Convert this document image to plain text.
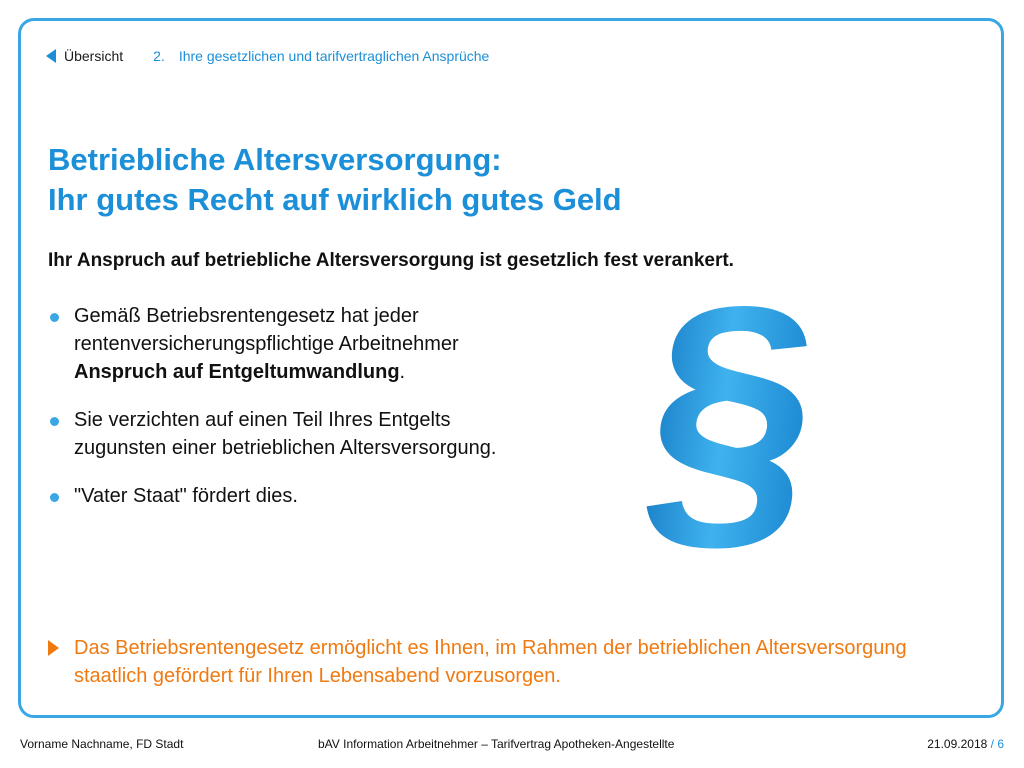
Übersicht 2. Ihre gesetzlichen und tarifvertraglichen Ansprüche
Betriebliche Altersversorgung:
Ihr gutes Recht auf wirklich gutes Geld
Ihr Anspruch auf betriebliche Altersversorgung ist gesetzlich fest verankert.
Gemäß Betriebsrentengesetz hat jeder rentenversicherungspflichtige Arbeitnehmer Anspruch auf Entgeltumwandlung.
Sie verzichten auf einen Teil Ihres Entgelts zugunsten einer betrieblichen Altersversorgung.
"Vater Staat" fördert dies.	§
Das Betriebsrentengesetz ermöglicht es Ihnen, im Rahmen der betrieblichen Altersversorgung staatlich gefördert für Ihren Lebensabend vorzusorgen.
Vorname Nachname, FD Stadt	bAV Information Arbeitnehmer – Tarifvertrag Apotheken-Angestellte	21.09.2018 / 6
